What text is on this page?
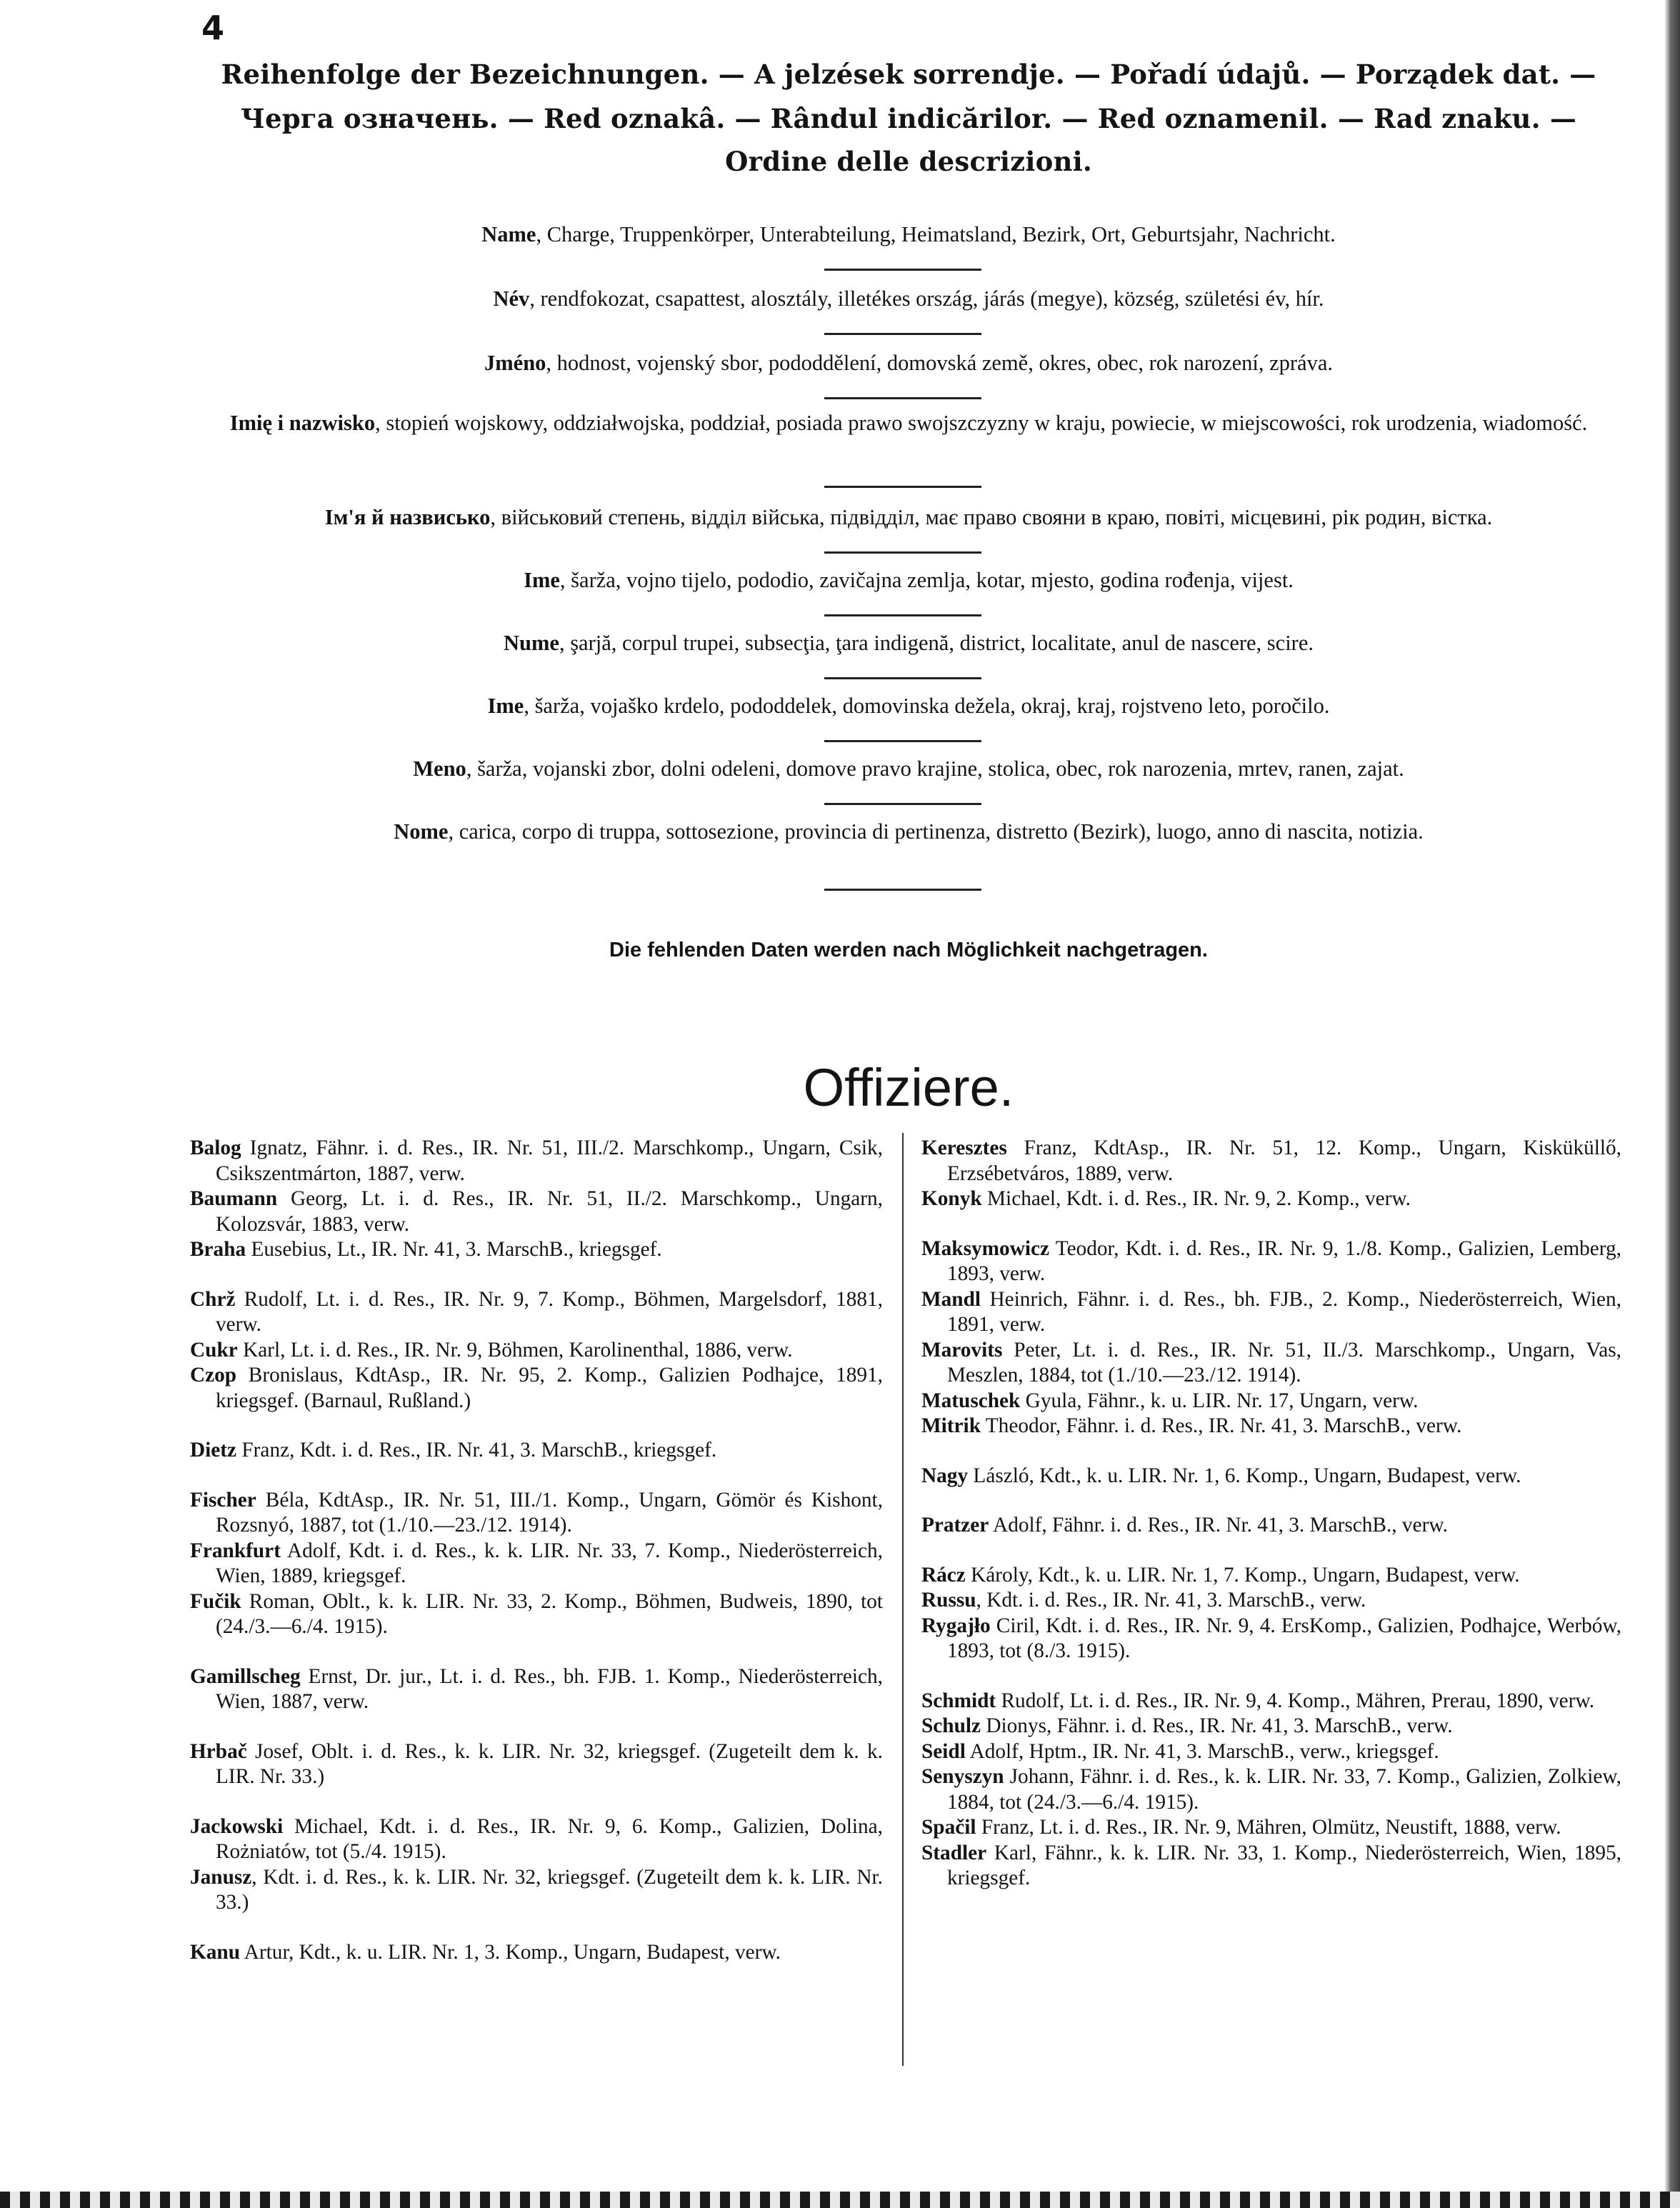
4
Reihenfolge der Bezeichnungen. — A jelzések sorrendje. — Pořadí údajů. — Porządek dat. —
Черга означень. — Red oznakâ. — Rândul indicărilor. — Red oznamenil. — Rad znaku. —
Ordine delle descrizioni.
Name, Charge, Truppenkörper, Unterabteilung, Heimatsland, Bezirk, Ort, Geburtsjahr, Nachricht.
Név, rendfokozat, csapattest, alosztály, illetékes ország, járás (megye), község, születési év, hír.
Jméno, hodnost, vojenský sbor, pododdělení, domovská země, okres, obec, rok narození, zpráva.
Imię i nazwisko, stopień wojskowy, oddziałwojska, poddział, posiada prawo swojszczyzny w kraju, powiecie, w miejscowości, rok urodzenia, wiadomość.
Ім'я й назвисько, військовий степень, відділ війська, підвідділ, має право свояни в краю, повіті, місцевині, рік родин, вістка.
Ime, šarža, vojno tijelo, pododio, zavičajna zemlja, kotar, mjesto, godina rođenja, vijest.
Nume, şarjă, corpul trupei, subsecţia, ţara indigenă, district, localitate, anul de nascere, scire.
Ime, šarža, vojaško krdelo, pododdelek, domovinska dežela, okraj, kraj, rojstveno leto, poročilo.
Meno, šarža, vojanski zbor, dolni odeleni, domove pravo krajine, stolica, obec, rok narozenia, mrtev, ranen, zajat.
Nome, carica, corpo di truppa, sottosezione, provincia di pertinenza, distretto (Bezirk), luogo, anno di nascita, notizia.
Die fehlenden Daten werden nach Möglichkeit nachgetragen.
Offiziere.
Balog Ignatz, Fähnr. i. d. Res., IR. Nr. 51, III./2. Marschkomp., Ungarn, Csik, Csikszentmárton, 1887, verw.
Baumann Georg, Lt. i. d. Res., IR. Nr. 51, II./2. Marschkomp., Ungarn, Kolozsvár, 1883, verw.
Braha Eusebius, Lt., IR. Nr. 41, 3. MarschB., kriegsgef.
Chrž Rudolf, Lt. i. d. Res., IR. Nr. 9, 7. Komp., Böhmen, Margelsdorf, 1881, verw.
Cukr Karl, Lt. i. d. Res., IR. Nr. 9, Böhmen, Karolinenthal, 1886, verw.
Czop Bronislaus, KdtAsp., IR. Nr. 95, 2. Komp., Galizien Podhajce, 1891, kriegsgef. (Barnaul, Rußland.)
Dietz Franz, Kdt. i. d. Res., IR. Nr. 41, 3. MarschB., kriegsgef.
Fischer Béla, KdtAsp., IR. Nr. 51, III./1. Komp., Ungarn, Gömör és Kishont, Rozsnyó, 1887, tot (1./10.—23./12. 1914).
Frankfurt Adolf, Kdt. i. d. Res., k. k. LIR. Nr. 33, 7. Komp., Niederösterreich, Wien, 1889, kriegsgef.
Fučik Roman, Oblt., k. k. LIR. Nr. 33, 2. Komp., Böhmen, Budweis, 1890, tot (24./3.—6./4. 1915).
Gamillscheg Ernst, Dr. jur., Lt. i. d. Res., bh. FJB. 1. Komp., Niederösterreich, Wien, 1887, verw.
Hrbač Josef, Oblt. i. d. Res., k. k. LIR. Nr. 32, kriegsgef. (Zugeteilt dem k. k. LIR. Nr. 33.)
Jackowski Michael, Kdt. i. d. Res., IR. Nr. 9, 6. Komp., Galizien, Dolina, Rożniatów, tot (5./4. 1915).
Janusz, Kdt. i. d. Res., k. k. LIR. Nr. 32, kriegsgef. (Zugeteilt dem k. k. LIR. Nr. 33.)
Kanu Artur, Kdt., k. u. LIR. Nr. 1, 3. Komp., Ungarn, Budapest, verw.
Keresztes Franz, KdtAsp., IR. Nr. 51, 12. Komp., Ungarn, Kisküküllő, Erzsébetváros, 1889, verw.
Konyk Michael, Kdt. i. d. Res., IR. Nr. 9, 2. Komp., verw.
Maksymowicz Teodor, Kdt. i. d. Res., IR. Nr. 9, 1./8. Komp., Galizien, Lemberg, 1893, verw.
Mandl Heinrich, Fähnr. i. d. Res., bh. FJB., 2. Komp., Niederösterreich, Wien, 1891, verw.
Marovits Peter, Lt. i. d. Res., IR. Nr. 51, II./3. Marschkomp., Ungarn, Vas, Meszlen, 1884, tot (1./10.—23./12. 1914).
Matuschek Gyula, Fähnr., k. u. LIR. Nr. 17, Ungarn, verw.
Mitrik Theodor, Fähnr. i. d. Res., IR. Nr. 41, 3. MarschB., verw.
Nagy László, Kdt., k. u. LIR. Nr. 1, 6. Komp., Ungarn, Budapest, verw.
Pratzer Adolf, Fähnr. i. d. Res., IR. Nr. 41, 3. MarschB., verw.
Rácz Károly, Kdt., k. u. LIR. Nr. 1, 7. Komp., Ungarn, Budapest, verw.
Russu, Kdt. i. d. Res., IR. Nr. 41, 3. MarschB., verw.
Rygajło Ciril, Kdt. i. d. Res., IR. Nr. 9, 4. ErsKomp., Galizien, Podhajce, Werbów, 1893, tot (8./3. 1915).
Schmidt Rudolf, Lt. i. d. Res., IR. Nr. 9, 4. Komp., Mähren, Prerau, 1890, verw.
Schulz Dionys, Fähnr. i. d. Res., IR. Nr. 41, 3. MarschB., verw.
Seidl Adolf, Hptm., IR. Nr. 41, 3. MarschB., verw., kriegsgef.
Senyszyn Johann, Fähnr. i. d. Res., k. k. LIR. Nr. 33, 7. Komp., Galizien, Zolkiew, 1884, tot (24./3.—6./4. 1915).
Spačil Franz, Lt. i. d. Res., IR. Nr. 9, Mähren, Olmütz, Neustift, 1888, verw.
Stadler Karl, Fähnr., k. k. LIR. Nr. 33, 1. Komp., Niederösterreich, Wien, 1895, kriegsgef.
